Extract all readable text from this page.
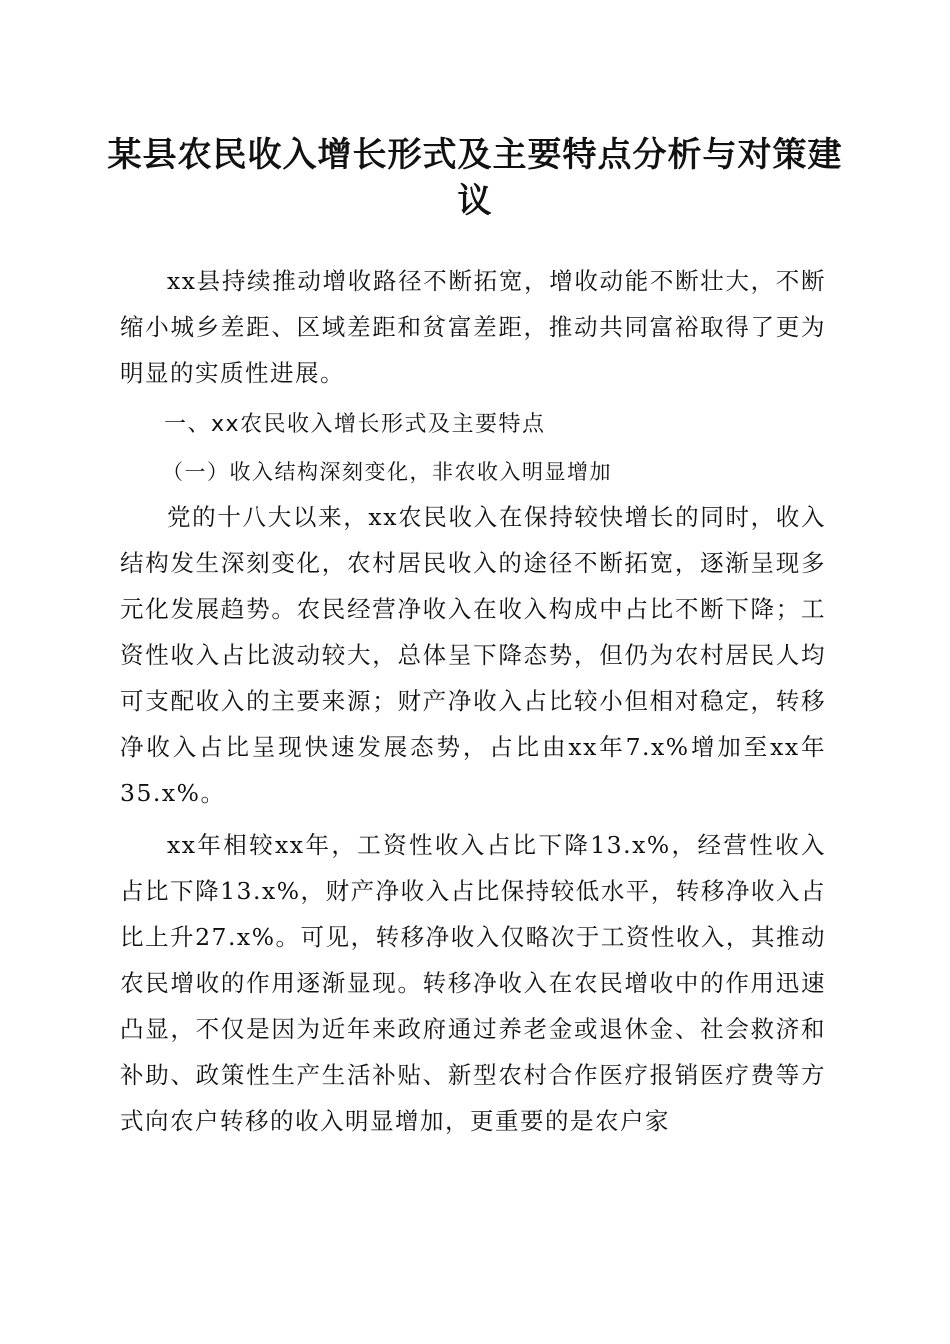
某县农民收入增长形式及主要特点分析与对策建议

xx县持续推动增收路径不断拓宽，增收动能不断壮大，不断缩小城乡差距、区域差距和贫富差距，推动共同富裕取得了更为明显的实质性进展。

一、xx农民收入增长形式及主要特点

（一）收入结构深刻变化，非农收入明显增加

党的十八大以来，xx农民收入在保持较快增长的同时，收入结构发生深刻变化，农村居民收入的途径不断拓宽，逐渐呈现多元化发展趋势。农民经营净收入在收入构成中占比不断下降；工资性收入占比波动较大，总体呈下降态势，但仍为农村居民人均可支配收入的主要来源；财产净收入占比较小但相对稳定，转移净收入占比呈现快速发展态势，占比由xx年7.x%增加至xx年35.x%。

xx年相较xx年，工资性收入占比下降13.x%，经营性收入占比下降13.x%，财产净收入占比保持较低水平，转移净收入占比上升27.x%。可见，转移净收入仅略次于工资性收入，其推动农民增收的作用逐渐显现。转移净收入在农民增收中的作用迅速凸显，不仅是因为近年来政府通过养老金或退休金、社会救济和补助、政策性生产生活补贴、新型农村合作医疗报销医疗费等方式向农户转移的收入明显增加，更重要的是农户家
